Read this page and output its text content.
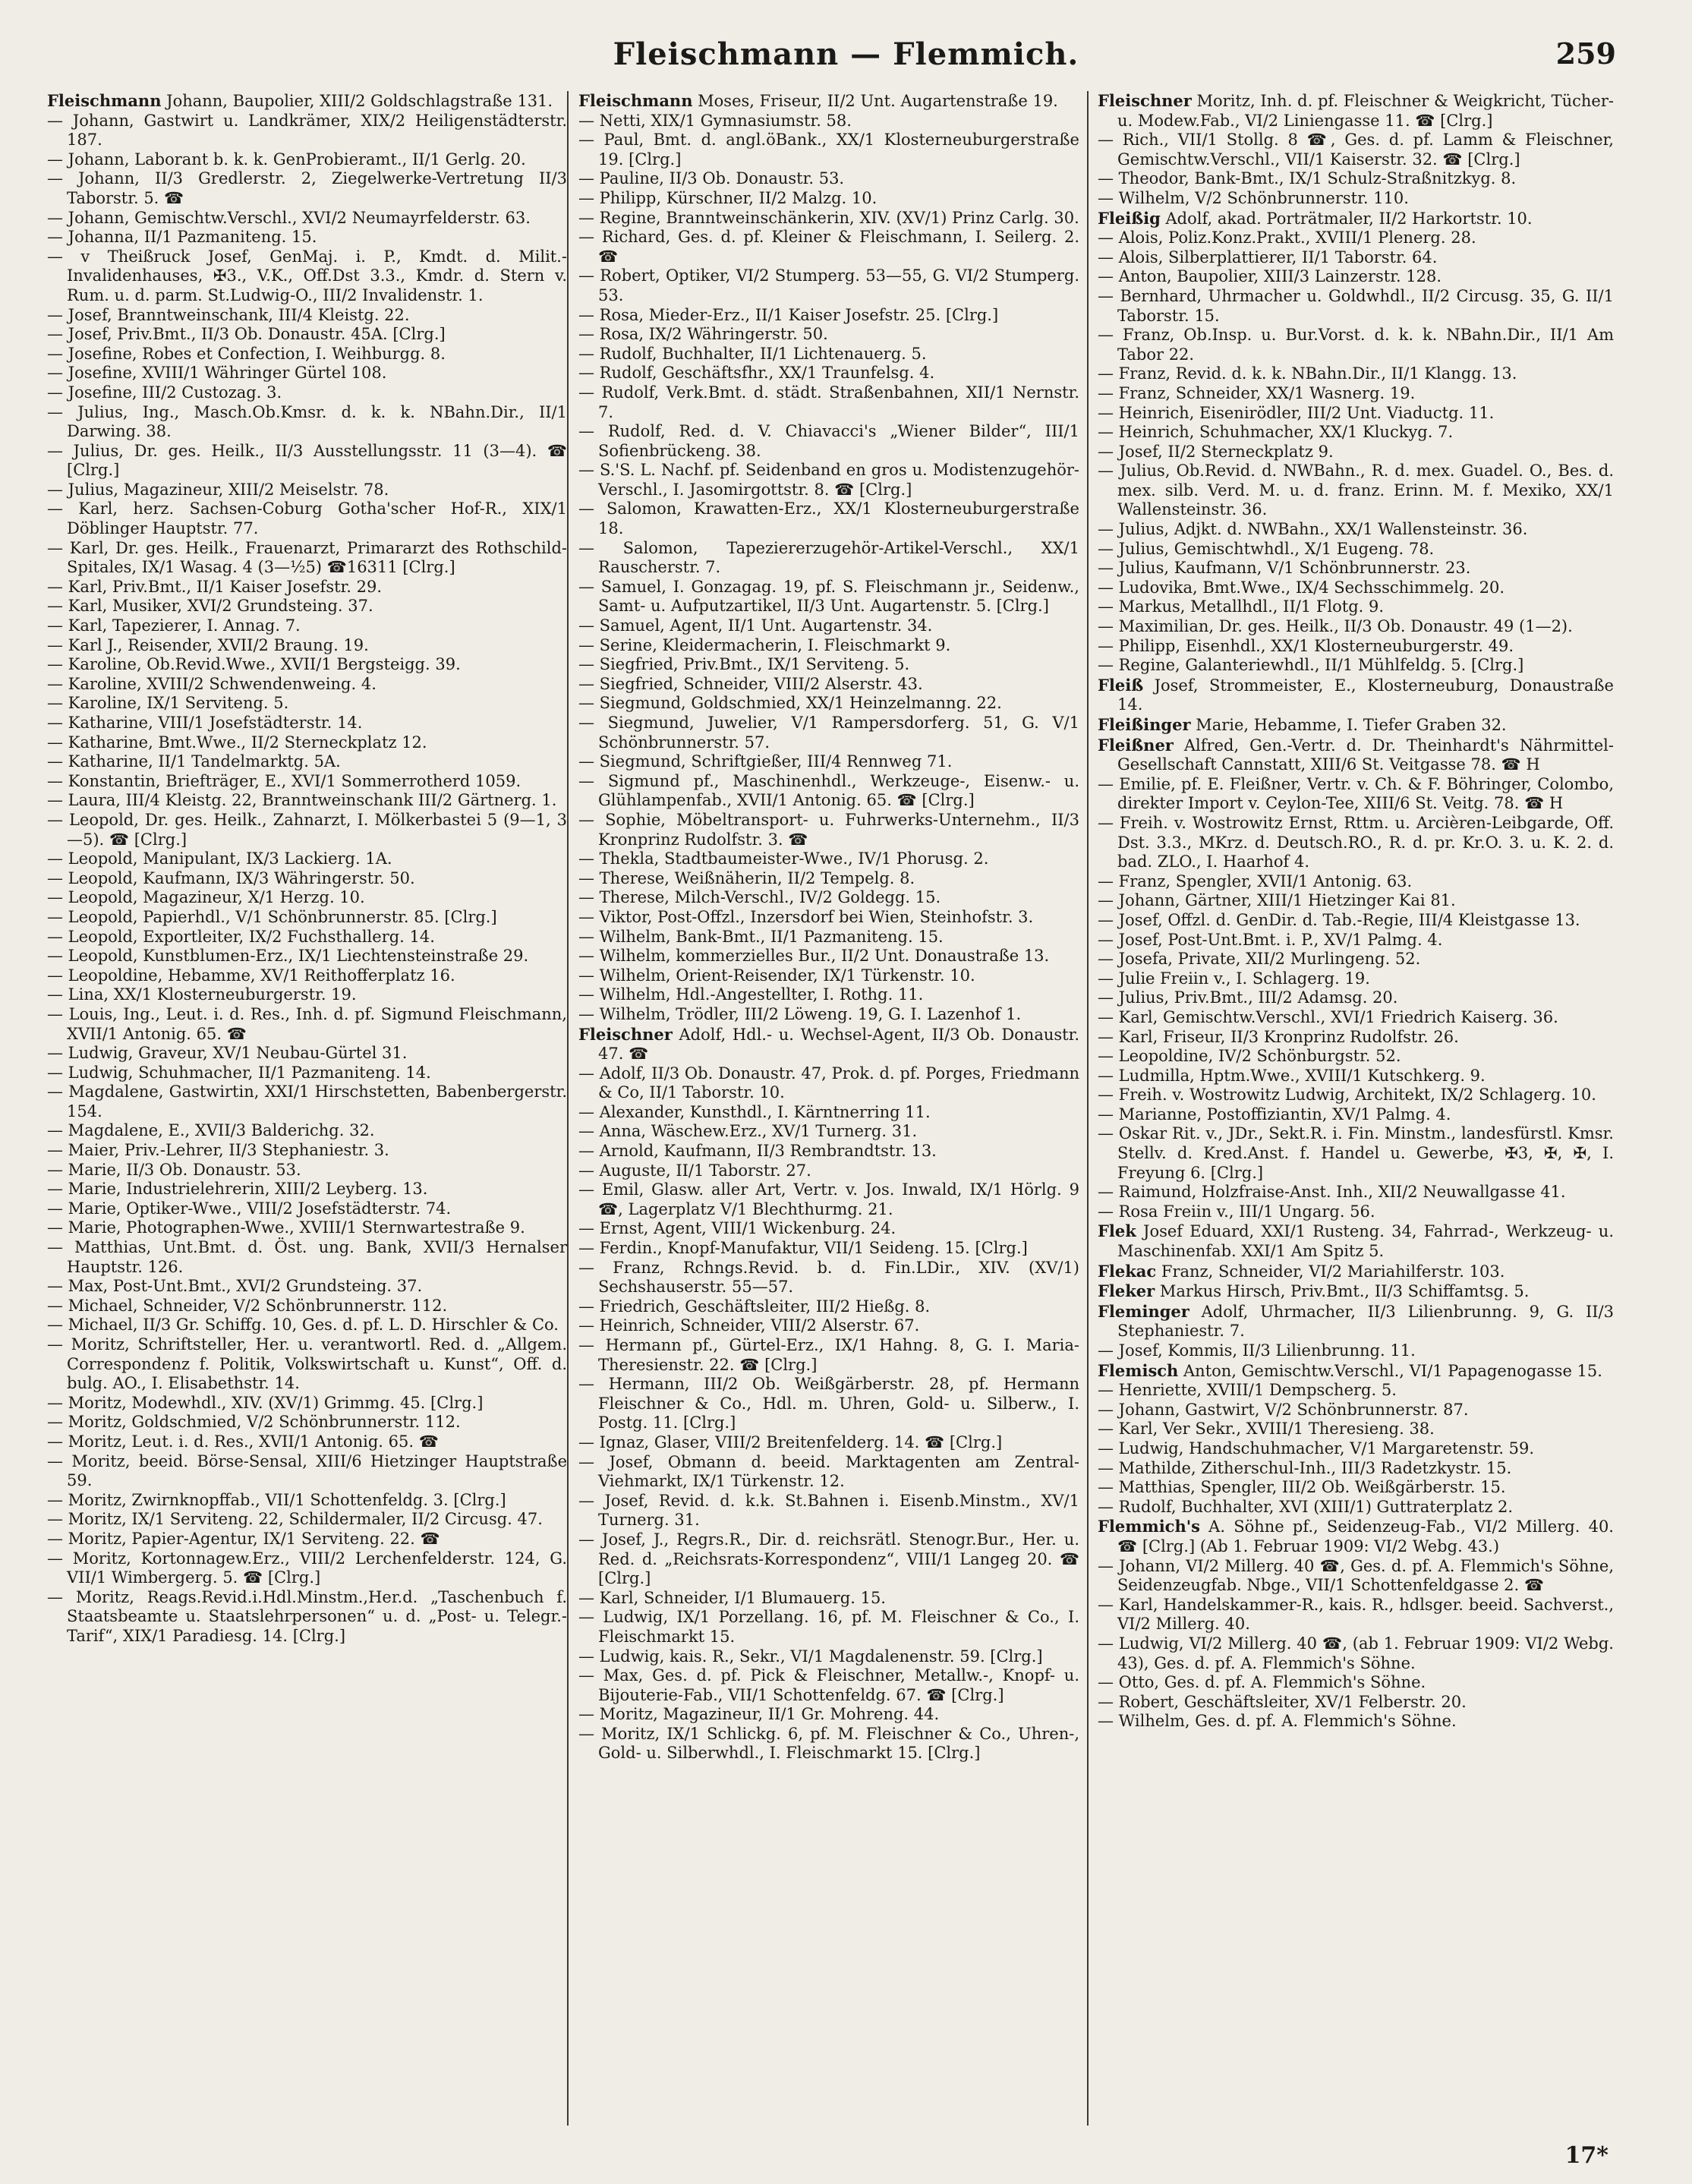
Fleischmann — Flemmich.	259

Fleischmann Johann, Baupolier, XIII/2 Goldschlagstraße 131.

— Johann, Gastwirt u. Landkrämer, XIX/2 Heiligenstädterstr. 187.

— Johann, Laborant b. k. k. GenProbieramt., II/1 Gerlg. 20.

— Johann, II/3 Gredlerstr. 2, Ziegelwerke-Vertretung II/3 Taborstr. 5. ☎

— Johann, Gemischtw.Verschl., XVI/2 Neumayrfelderstr. 63.

— Johanna, II/1 Pazmaniteng. 15.

— v Theißruck Josef, GenMaj. i. P., Kmdt. d. Milit.-Invalidenhauses, ✠3., V.K., Off.Dst 3.3., Kmdr. d. Stern v. Rum. u. d. parm. St.Ludwig-O., III/2 Invalidenstr. 1.

— Josef, Branntweinschank, III/4 Kleistg. 22.

— Josef, Priv.Bmt., II/3 Ob. Donaustr. 45A. [Clrg.]

— Josefine, Robes et Confection, I. Weihburgg. 8.

— Josefine, XVIII/1 Währinger Gürtel 108.

— Josefine, III/2 Custozag. 3.

— Julius, Ing., Masch.Ob.Kmsr. d. k. k. NBahn.Dir., II/1 Darwing. 38.

— Julius, Dr. ges. Heilk., II/3 Ausstellungsstr. 11 (3—4). ☎ [Clrg.]

— Julius, Magazineur, XIII/2 Meiselstr. 78.

— Karl, herz. Sachsen-Coburg Gotha'scher Hof-R., XIX/1 Döblinger Hauptstr. 77.

— Karl, Dr. ges. Heilk., Frauenarzt, Primararzt des Rothschild-Spitales, IX/1 Wasag. 4 (3—½5) ☎16311 [Clrg.]

— Karl, Priv.Bmt., II/1 Kaiser Josefstr. 29.

— Karl, Musiker, XVI/2 Grundsteing. 37.

— Karl, Tapezierer, I. Annag. 7.

— Karl J., Reisender, XVII/2 Braung. 19.

— Karoline, Ob.Revid.Wwe., XVII/1 Bergsteigg. 39.

— Karoline, XVIII/2 Schwendenweing. 4.

— Karoline, IX/1 Serviteng. 5.

— Katharine, VIII/1 Josefstädterstr. 14.

— Katharine, Bmt.Wwe., II/2 Sterneckplatz 12.

— Katharine, II/1 Tandelmarktg. 5A.

— Konstantin, Briefträger, E., XVI/1 Sommerrotherd 1059.

— Laura, III/4 Kleistg. 22, Branntweinschank III/2 Gärtnerg. 1.

— Leopold, Dr. ges. Heilk., Zahnarzt, I. Mölkerbastei 5 (9—1, 3—5). ☎ [Clrg.]

— Leopold, Manipulant, IX/3 Lackierg. 1A.

— Leopold, Kaufmann, IX/3 Währingerstr. 50.

— Leopold, Magazineur, X/1 Herzg. 10.

— Leopold, Papierhdl., V/1 Schönbrunnerstr. 85. [Clrg.]

— Leopold, Exportleiter, IX/2 Fuchsthallerg. 14.

— Leopold, Kunstblumen-Erz., IX/1 Liechtensteinstraße 29.

— Leopoldine, Hebamme, XV/1 Reithofferplatz 16.

— Lina, XX/1 Klosterneuburgerstr. 19.

— Louis, Ing., Leut. i. d. Res., Inh. d. pf. Sigmund Fleischmann, XVII/1 Antonig. 65. ☎

— Ludwig, Graveur, XV/1 Neubau-Gürtel 31.

— Ludwig, Schuhmacher, II/1 Pazmaniteng. 14.

— Magdalene, Gastwirtin, XXI/1 Hirschstetten, Babenbergerstr. 154.

— Magdalene, E., XVII/3 Balderichg. 32.

— Maier, Priv.-Lehrer, II/3 Stephaniestr. 3.

— Marie, II/3 Ob. Donaustr. 53.

— Marie, Industrielehrerin, XIII/2 Leyberg. 13.

— Marie, Optiker-Wwe., VIII/2 Josefstädterstr. 74.

— Marie, Photographen-Wwe., XVIII/1 Sternwartestraße 9.

— Matthias, Unt.Bmt. d. Öst. ung. Bank, XVII/3 Hernalser Hauptstr. 126.

— Max, Post-Unt.Bmt., XVI/2 Grundsteing. 37.

— Michael, Schneider, V/2 Schönbrunnerstr. 112.

— Michael, II/3 Gr. Schiffg. 10, Ges. d. pf. L. D. Hirschler & Co.

— Moritz, Schriftsteller, Her. u. verantwortl. Red. d. „Allgem. Correspondenz f. Politik, Volkswirtschaft u. Kunst“, Off. d. bulg. AO., I. Elisabethstr. 14.

— Moritz, Modewhdl., XIV. (XV/1) Grimmg. 45. [Clrg.]

— Moritz, Goldschmied, V/2 Schönbrunnerstr. 112.

— Moritz, Leut. i. d. Res., XVII/1 Antonig. 65. ☎

— Moritz, beeid. Börse-Sensal, XIII/6 Hietzinger Hauptstraße 59.

— Moritz, Zwirnknopffab., VII/1 Schottenfeldg. 3. [Clrg.]

— Moritz, IX/1 Serviteng. 22, Schildermaler, II/2 Circusg. 47.

— Moritz, Papier-Agentur, IX/1 Serviteng. 22. ☎

— Moritz, Kortonnagew.Erz., VIII/2 Lerchenfelderstr. 124, G. VII/1 Wimbergerg. 5. ☎ [Clrg.]

— Moritz, Reags.Revid.i.Hdl.Minstm.,Her.d. „Taschenbuch f. Staatsbeamte u. Staatslehrpersonen“ u. d. „Post- u. Telegr.-Tarif“, XIX/1 Paradiesg. 14. [Clrg.]

Fleischmann Moses, Friseur, II/2 Unt. Augartenstraße 19.

— Netti, XIX/1 Gymnasiumstr. 58.

— Paul, Bmt. d. angl.öBank., XX/1 Klosterneuburgerstraße 19. [Clrg.]

— Pauline, II/3 Ob. Donaustr. 53.

— Philipp, Kürschner, II/2 Malzg. 10.

— Regine, Branntweinschänkerin, XIV. (XV/1) Prinz Carlg. 30.

— Richard, Ges. d. pf. Kleiner & Fleischmann, I. Seilerg. 2. ☎

— Robert, Optiker, VI/2 Stumperg. 53—55, G. VI/2 Stumperg. 53.

— Rosa, Mieder-Erz., II/1 Kaiser Josefstr. 25. [Clrg.]

— Rosa, IX/2 Währingerstr. 50.

— Rudolf, Buchhalter, II/1 Lichtenauerg. 5.

— Rudolf, Geschäftsfhr., XX/1 Traunfelsg. 4.

— Rudolf, Verk.Bmt. d. städt. Straßenbahnen, XII/1 Nernstr. 7.

— Rudolf, Red. d. V. Chiavacci's „Wiener Bilder“, III/1 Sofienbrückeng. 38.

— S.'S. L. Nachf. pf. Seidenband en gros u. Modistenzugehör-Verschl., I. Jasomirgottstr. 8. ☎ [Clrg.]

— Salomon, Krawatten-Erz., XX/1 Klosterneuburgerstraße 18.

— Salomon, Tapeziererzugehör-Artikel-Verschl., XX/1 Rauscherstr. 7.

— Samuel, I. Gonzagag. 19, pf. S. Fleischmann jr., Seidenw., Samt- u. Aufputzartikel, II/3 Unt. Augartenstr. 5. [Clrg.]

— Samuel, Agent, II/1 Unt. Augartenstr. 34.

— Serine, Kleidermacherin, I. Fleischmarkt 9.

— Siegfried, Priv.Bmt., IX/1 Serviteng. 5.

— Siegfried, Schneider, VIII/2 Alserstr. 43.

— Siegmund, Goldschmied, XX/1 Heinzelmanng. 22.

— Siegmund, Juwelier, V/1 Rampersdorferg. 51, G. V/1 Schönbrunnerstr. 57.

— Siegmund, Schriftgießer, III/4 Rennweg 71.

— Sigmund pf., Maschinenhdl., Werkzeuge-, Eisenw.- u. Glühlampenfab., XVII/1 Antonig. 65. ☎ [Clrg.]

— Sophie, Möbeltransport- u. Fuhrwerks-Unternehm., II/3 Kronprinz Rudolfstr. 3. ☎

— Thekla, Stadtbaumeister-Wwe., IV/1 Phorusg. 2.

— Therese, Weißnäherin, II/2 Tempelg. 8.

— Therese, Milch-Verschl., IV/2 Goldegg. 15.

— Viktor, Post-Offzl., Inzersdorf bei Wien, Steinhofstr. 3.

— Wilhelm, Bank-Bmt., II/1 Pazmaniteng. 15.

— Wilhelm, kommerzielles Bur., II/2 Unt. Donaustraße 13.

— Wilhelm, Orient-Reisender, IX/1 Türkenstr. 10.

— Wilhelm, Hdl.-Angestellter, I. Rothg. 11.

— Wilhelm, Trödler, III/2 Löweng. 19, G. I. Lazenhof 1.

Fleischner Adolf, Hdl.- u. Wechsel-Agent, II/3 Ob. Donaustr. 47. ☎

— Adolf, II/3 Ob. Donaustr. 47, Prok. d. pf. Porges, Friedmann & Co, II/1 Taborstr. 10.

— Alexander, Kunsthdl., I. Kärntnerring 11.

— Anna, Wäschew.Erz., XV/1 Turnerg. 31.

— Arnold, Kaufmann, II/3 Rembrandtstr. 13.

— Auguste, II/1 Taborstr. 27.

— Emil, Glasw. aller Art, Vertr. v. Jos. Inwald, IX/1 Hörlg. 9 ☎, Lagerplatz V/1 Blechthurmg. 21.

— Ernst, Agent, VIII/1 Wickenburg. 24.

— Ferdin., Knopf-Manufaktur, VII/1 Seideng. 15. [Clrg.]

— Franz, Rchngs.Revid. b. d. Fin.LDir., XIV. (XV/1) Sechshauserstr. 55—57.

— Friedrich, Geschäftsleiter, III/2 Hießg. 8.

— Heinrich, Schneider, VIII/2 Alserstr. 67.

— Hermann pf., Gürtel-Erz., IX/1 Hahng. 8, G. I. Maria-Theresienstr. 22. ☎ [Clrg.]

— Hermann, III/2 Ob. Weißgärberstr. 28, pf. Hermann Fleischner & Co., Hdl. m. Uhren, Gold- u. Silberw., I. Postg. 11. [Clrg.]

— Ignaz, Glaser, VIII/2 Breitenfelderg. 14. ☎ [Clrg.]

— Josef, Obmann d. beeid. Marktagenten am Zentral-Viehmarkt, IX/1 Türkenstr. 12.

— Josef, Revid. d. k.k. St.Bahnen i. Eisenb.Minstm., XV/1 Turnerg. 31.

— Josef, J., Regrs.R., Dir. d. reichsrätl. Stenogr.Bur., Her. u. Red. d. „Reichsrats-Korrespondenz“, VIII/1 Langeg 20. ☎ [Clrg.]

— Karl, Schneider, I/1 Blumauerg. 15.

— Ludwig, IX/1 Porzellang. 16, pf. M. Fleischner & Co., I. Fleischmarkt 15.

— Ludwig, kais. R., Sekr., VI/1 Magdalenenstr. 59. [Clrg.]

— Max, Ges. d. pf. Pick & Fleischner, Metallw.-, Knopf- u. Bijouterie-Fab., VII/1 Schottenfeldg. 67. ☎ [Clrg.]

— Moritz, Magazineur, II/1 Gr. Mohreng. 44.

— Moritz, IX/1 Schlickg. 6, pf. M. Fleischner & Co., Uhren-, Gold- u. Silberwhdl., I. Fleischmarkt 15. [Clrg.]

Fleischner Moritz, Inh. d. pf. Fleischner & Weigkricht, Tücher- u. Modew.Fab., VI/2 Liniengasse 11. ☎ [Clrg.]

— Rich., VII/1 Stollg. 8 ☎, Ges. d. pf. Lamm & Fleischner, Gemischtw.Verschl., VII/1 Kaiserstr. 32. ☎ [Clrg.]

— Theodor, Bank-Bmt., IX/1 Schulz-Straßnitzkyg. 8.

— Wilhelm, V/2 Schönbrunnerstr. 110.

Fleißig Adolf, akad. Porträtmaler, II/2 Harkortstr. 10.

— Alois, Poliz.Konz.Prakt., XVIII/1 Plenerg. 28.

— Alois, Silberplattierer, II/1 Taborstr. 64.

— Anton, Baupolier, XIII/3 Lainzerstr. 128.

— Bernhard, Uhrmacher u. Goldwhdl., II/2 Circusg. 35, G. II/1 Taborstr. 15.

— Franz, Ob.Insp. u. Bur.Vorst. d. k. k. NBahn.Dir., II/1 Am Tabor 22.

— Franz, Revid. d. k. k. NBahn.Dir., II/1 Klangg. 13.

— Franz, Schneider, XX/1 Wasnerg. 19.

— Heinrich, Eisenirödler, III/2 Unt. Viaductg. 11.

— Heinrich, Schuhmacher, XX/1 Kluckyg. 7.

— Josef, II/2 Sterneckplatz 9.

— Julius, Ob.Revid. d. NWBahn., R. d. mex. Guadel. O., Bes. d. mex. silb. Verd. M. u. d. franz. Erinn. M. f. Mexiko, XX/1 Wallensteinstr. 36.

— Julius, Adjkt. d. NWBahn., XX/1 Wallensteinstr. 36.

— Julius, Gemischtwhdl., X/1 Eugeng. 78.

— Julius, Kaufmann, V/1 Schönbrunnerstr. 23.

— Ludovika, Bmt.Wwe., IX/4 Sechsschimmelg. 20.

— Markus, Metallhdl., II/1 Flotg. 9.

— Maximilian, Dr. ges. Heilk., II/3 Ob. Donaustr. 49 (1—2).

— Philipp, Eisenhdl., XX/1 Klosterneuburgerstr. 49.

— Regine, Galanteriewhdl., II/1 Mühlfeldg. 5. [Clrg.]

Fleiß Josef, Strommeister, E., Klosterneuburg, Donaustraße 14.

Fleißinger Marie, Hebamme, I. Tiefer Graben 32.

Fleißner Alfred, Gen.-Vertr. d. Dr. Theinhardt's Nährmittel-Gesellschaft Cannstatt, XIII/6 St. Veitgasse 78. ☎ H

— Emilie, pf. E. Fleißner, Vertr. v. Ch. & F. Böhringer, Colombo, direkter Import v. Ceylon-Tee, XIII/6 St. Veitg. 78. ☎ H

— Freih. v. Wostrowitz Ernst, Rttm. u. Arcièren-Leibgarde, Off. Dst. 3.3., MKrz. d. Deutsch.RO., R. d. pr. Kr.O. 3. u. K. 2. d. bad. ZLO., I. Haarhof 4.

— Franz, Spengler, XVII/1 Antonig. 63.

— Johann, Gärtner, XIII/1 Hietzinger Kai 81.

— Josef, Offzl. d. GenDir. d. Tab.-Regie, III/4 Kleistgasse 13.

— Josef, Post-Unt.Bmt. i. P., XV/1 Palmg. 4.

— Josefa, Private, XII/2 Murlingeng. 52.

— Julie Freiin v., I. Schlagerg. 19.

— Julius, Priv.Bmt., III/2 Adamsg. 20.

— Karl, Gemischtw.Verschl., XVI/1 Friedrich Kaiserg. 36.

— Karl, Friseur, II/3 Kronprinz Rudolfstr. 26.

— Leopoldine, IV/2 Schönburgstr. 52.

— Ludmilla, Hptm.Wwe., XVIII/1 Kutschkerg. 9.

— Freih. v. Wostrowitz Ludwig, Architekt, IX/2 Schlagerg. 10.

— Marianne, Postoffiziantin, XV/1 Palmg. 4.

— Oskar Rit. v., JDr., Sekt.R. i. Fin. Minstm., landesfürstl. Kmsr. Stellv. d. Kred.Anst. f. Handel u. Gewerbe, ✠3, ✠, ✠, I. Freyung 6. [Clrg.]

— Raimund, Holzfraise-Anst. Inh., XII/2 Neuwallgasse 41.

— Rosa Freiin v., III/1 Ungarg. 56.

Flek Josef Eduard, XXI/1 Rusteng. 34, Fahrrad-, Werkzeug- u. Maschinenfab. XXI/1 Am Spitz 5.

Flekac Franz, Schneider, VI/2 Mariahilferstr. 103.

Fleker Markus Hirsch, Priv.Bmt., II/3 Schiffamtsg. 5.

Fleminger Adolf, Uhrmacher, II/3 Lilienbrunng. 9, G. II/3 Stephaniestr. 7.

— Josef, Kommis, II/3 Lilienbrunng. 11.

Flemisch Anton, Gemischtw.Verschl., VI/1 Papagenogasse 15.

— Henriette, XVIII/1 Dempscherg. 5.

— Johann, Gastwirt, V/2 Schönbrunnerstr. 87.

— Karl, Ver Sekr., XVIII/1 Theresieng. 38.

— Ludwig, Handschuhmacher, V/1 Margaretenstr. 59.

— Mathilde, Zitherschul-Inh., III/3 Radetzkystr. 15.

— Matthias, Spengler, III/2 Ob. Weißgärberstr. 15.

— Rudolf, Buchhalter, XVI (XIII/1) Guttraterplatz 2.

Flemmich's A. Söhne pf., Seidenzeug-Fab., VI/2 Millerg. 40. ☎ [Clrg.] (Ab 1. Februar 1909: VI/2 Webg. 43.)

— Johann, VI/2 Millerg. 40 ☎, Ges. d. pf. A. Flemmich's Söhne, Seidenzeugfab. Nbge., VII/1 Schottenfeldgasse 2. ☎

— Karl, Handelskammer-R., kais. R., hdlsger. beeid. Sachverst., VI/2 Millerg. 40.

— Ludwig, VI/2 Millerg. 40 ☎, (ab 1. Februar 1909: VI/2 Webg. 43), Ges. d. pf. A. Flemmich's Söhne.

— Otto, Ges. d. pf. A. Flemmich's Söhne.

— Robert, Geschäftsleiter, XV/1 Felberstr. 20.

— Wilhelm, Ges. d. pf. A. Flemmich's Söhne.

17*
